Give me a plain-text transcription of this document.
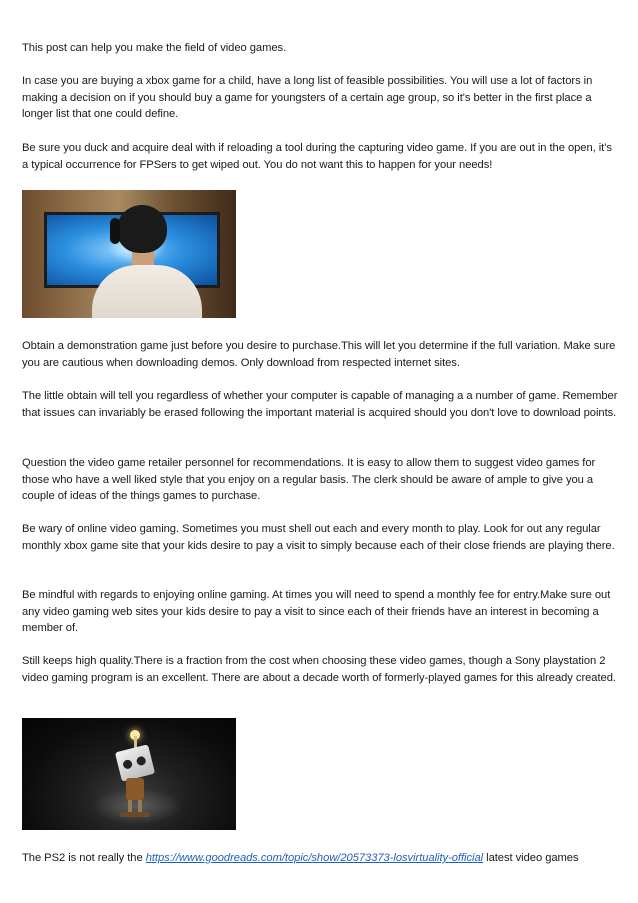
This post can help you make the field of video games.

In case you are buying a xbox game for a child, have a long list of feasible possibilities. You will use a lot of factors in making a decision on if you should buy a game for youngsters of a certain age group, so it's better in the first place a longer list that one could define.

Be sure you duck and acquire deal with if reloading a tool during the capturing video game. If you are out in the open, it's a typical occurrence for FPSers to get wiped out. You do not want this to happen for your needs!

Obtain a demonstration game just before you desire to purchase.This will let you determine if the full variation. Make sure you are cautious when downloading demos. Only download from respected internet sites.

The little obtain will tell you regardless of whether your computer is capable of managing a a number of game. Remember that issues can invariably be erased following the important material is acquired should you don't love to download points.

Question the video game retailer personnel for recommendations. It is easy to allow them to suggest video games for those who have a well liked style that you enjoy on a regular basis. The clerk should be aware of ample to give you a couple of ideas of the things games to purchase.

Be wary of online video gaming. Sometimes you must shell out each and every month to play. Look for out any regular monthly xbox game site that your kids desire to pay a visit to simply because each of their close friends are playing there.

Be mindful with regards to enjoying online gaming. At times you will need to spend a monthly fee for entry.Make sure out any video gaming web sites your kids desire to pay a visit to since each of their friends have an interest in becoming a member of.

Still keeps high quality.There is a fraction from the cost when choosing these video games, though a Sony playstation 2 video gaming program is an excellent. There are about a decade worth of formerly-played games for this already created.

The PS2 is not really the https://www.goodreads.com/topic/show/20573373-losvirtuality-official latest video games
